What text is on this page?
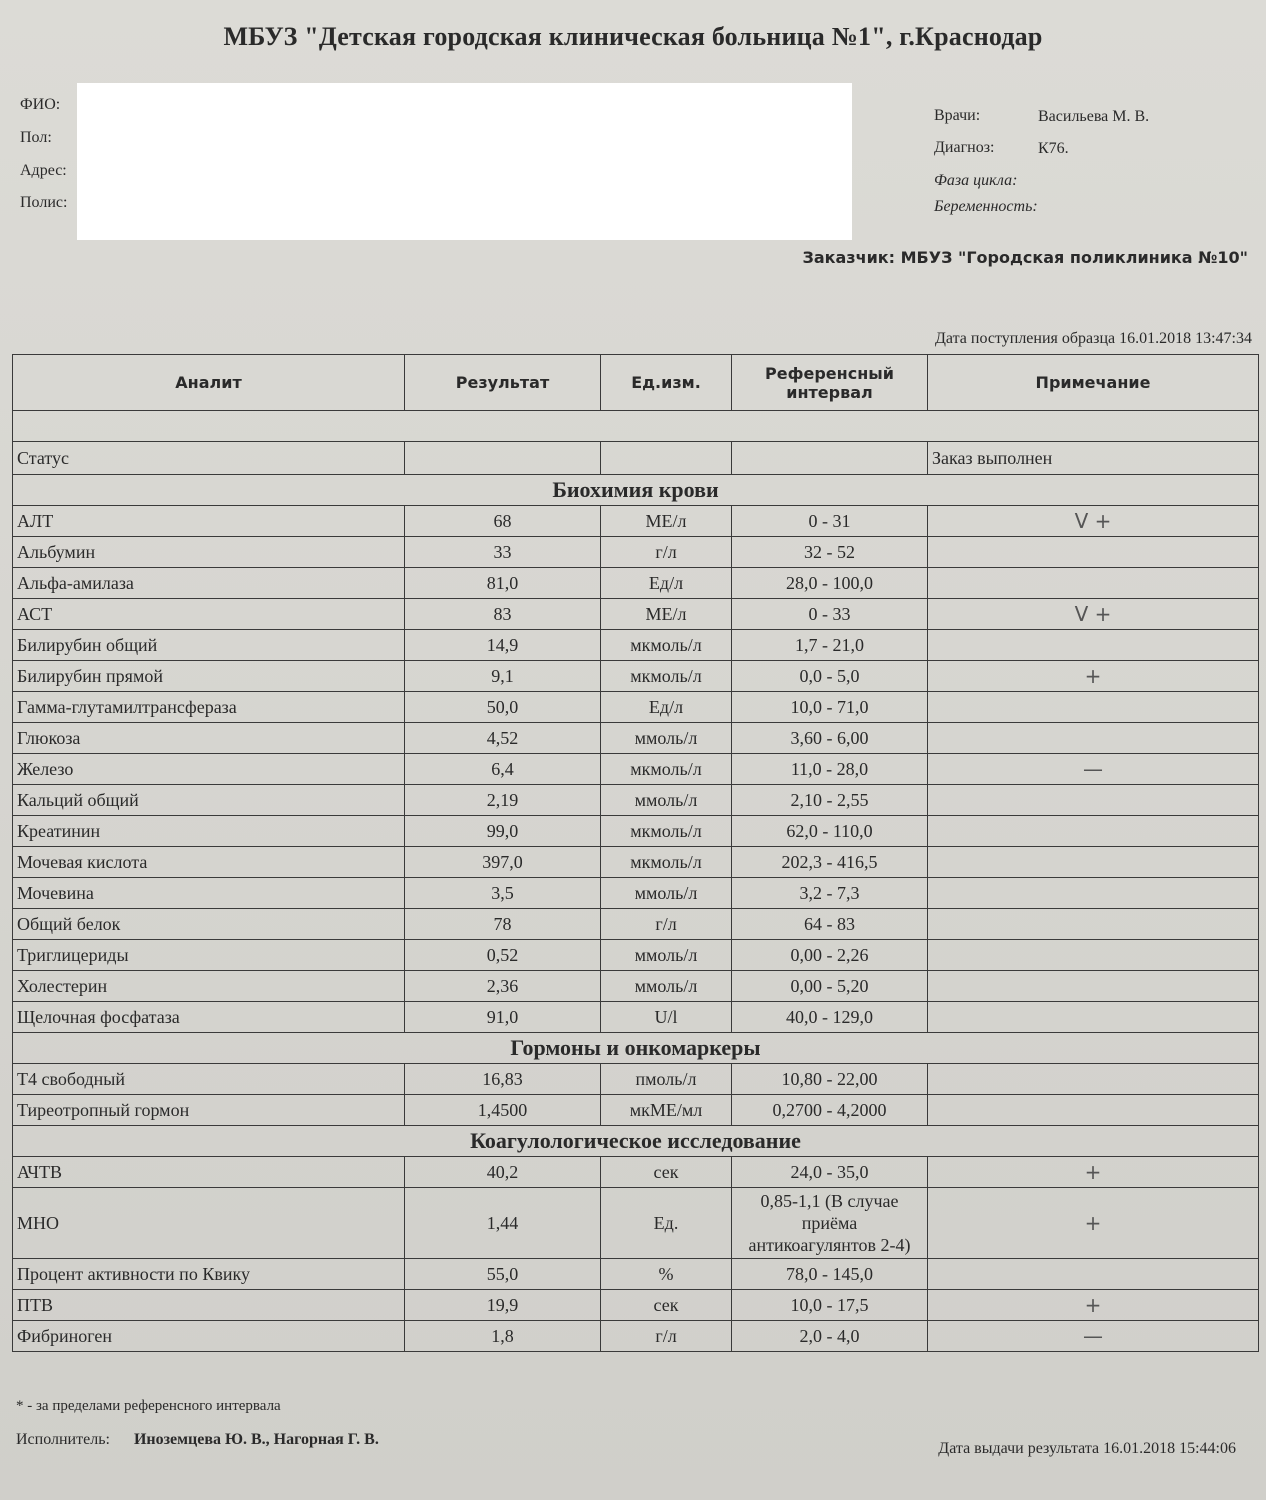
МБУЗ "Детская городская клиническая больница №1", г.Краснодар
ФИО:
Пол:
Адрес:
Полис:
Врачи:	Васильева М. В.
Диагноз:	К76.
Фаза цикла:
Беременность:
Заказчик: МБУЗ "Городская поликлиника №10"
Дата поступления образца 16.01.2018 13:47:34
Аналит	Результат	Ед.изм.	Референсный интервал	Примечание

Статус				Заказ выполнен
Биохимия крови				
АЛТ	68	МЕ/л	0 - 31	V +
Альбумин	33	г/л	32 - 52	
Альфа-амилаза	81,0	Ед/л	28,0 - 100,0	
АСТ	83	МЕ/л	0 - 33	V +
Билирубин общий	14,9	мкмоль/л	1,7 - 21,0	
Билирубин прямой	9,1	мкмоль/л	0,0 - 5,0	+
Гамма-глутамилтрансфераза	50,0	Ед/л	10,0 - 71,0	
Глюкоза	4,52	ммоль/л	3,60 - 6,00	
Железо	6,4	мкмоль/л	11,0 - 28,0	—
Кальций общий	2,19	ммоль/л	2,10 - 2,55	
Креатинин	99,0	мкмоль/л	62,0 - 110,0	
Мочевая кислота	397,0	мкмоль/л	202,3 - 416,5	
Мочевина	3,5	ммоль/л	3,2 - 7,3	
Общий белок	78	г/л	64 - 83	
Триглицериды	0,52	ммоль/л	0,00 - 2,26	
Холестерин	2,36	ммоль/л	0,00 - 5,20	
Щелочная фосфатаза	91,0	U/l	40,0 - 129,0	
Гормоны и онкомаркеры				
Т4 свободный	16,83	пмоль/л	10,80 - 22,00	
Тиреотропный гормон	1,4500	мкМЕ/мл	0,2700 - 4,2000	
Коагулологическое исследование				
АЧТВ	40,2	сек	24,0 - 35,0	+
МНО	1,44	Ед.	0,85-1,1 (В случае приёма антикоагулянтов 2-4)	+
Процент активности по Квику	55,0	%	78,0 - 145,0	
ПТВ	19,9	сек	10,0 - 17,5	+
Фибриноген	1,8	г/л	2,0 - 4,0	—
* - за пределами референсного интервала
Исполнитель: Иноземцева Ю. В., Нагорная Г. В.
Дата выдачи результата 16.01.2018 15:44:06
